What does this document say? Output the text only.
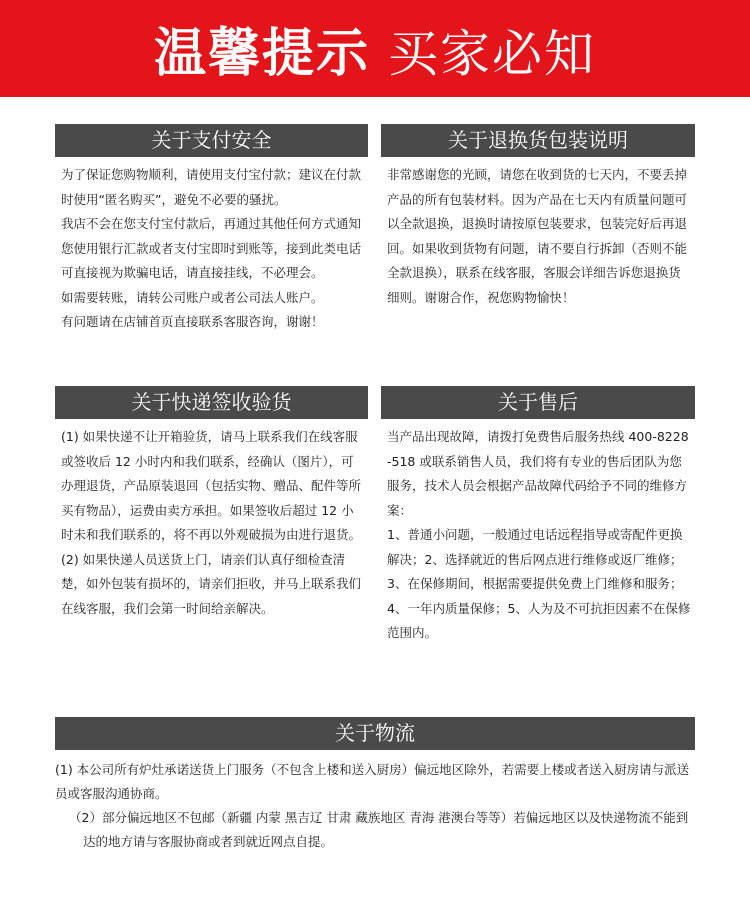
温馨提示 买家必知
关于支付安全

为了保证您购物顺利，请使用支付宝付款；建议在付款时使用“匿名购买”，避免不必要的骚扰。

我店不会在您支付宝付款后，再通过其他任何方式通知您使用银行汇款或者支付宝即时到账等，接到此类电话可直接视为欺骗电话，请直接挂线，不必理会。

如需要转账，请转公司账户或者公司法人账户。

有问题请在店铺首页直接联系客服咨询，谢谢！

关于退换货包装说明

非常感谢您的光顾，请您在收到货的七天内，不要丢掉产品的所有包装材料。因为产品在七天内有质量问题可以全款退换，退换时请按原包装要求，包装完好后再退回。如果收到货物有问题，请不要自行拆卸（否则不能全款退换），联系在线客服，客服会详细告诉您退换货细则。谢谢合作，祝您购物愉快！

关于快递签收验货

(1) 如果快递不让开箱验货，请马上联系我们在线客服或签收后 12 小时内和我们联系，经确认（图片），可办理退货，产品原装退回（包括实物、赠品、配件等所买有物品），运费由卖方承担。如果签收后超过 12 小时未和我们联系的，将不再以外观破损为由进行退货。

(2) 如果快递人员送货上门，请亲们认真仔细检查清楚，如外包装有损坏的，请亲们拒收，并马上联系我们在线客服，我们会第一时间给亲解决。

关于售后

当产品出现故障，请拨打免费售后服务热线 400-8228-518 或联系销售人员，我们将有专业的售后团队为您服务，技术人员会根据产品故障代码给予不同的维修方案：

1、普通小问题，一般通过电话远程指导或寄配件更换解决；2、选择就近的售后网点进行维修或返厂维修；3、在保修期间，根据需要提供免费上门维修和服务；4、一年内质量保修；5、人为及不可抗拒因素不在保修范围内。

关于物流

(1) 本公司所有炉灶承诺送货上门服务（不包含上楼和送入厨房）偏远地区除外，若需要上楼或者送入厨房请与派送员或客服沟通协商。

（2）部分偏远地区不包邮（新疆 内蒙 黑吉辽 甘肃 藏族地区 青海 港澳台等等）若偏远地区以及快递物流不能到达的地方请与客服协商或者到就近网点自提。
